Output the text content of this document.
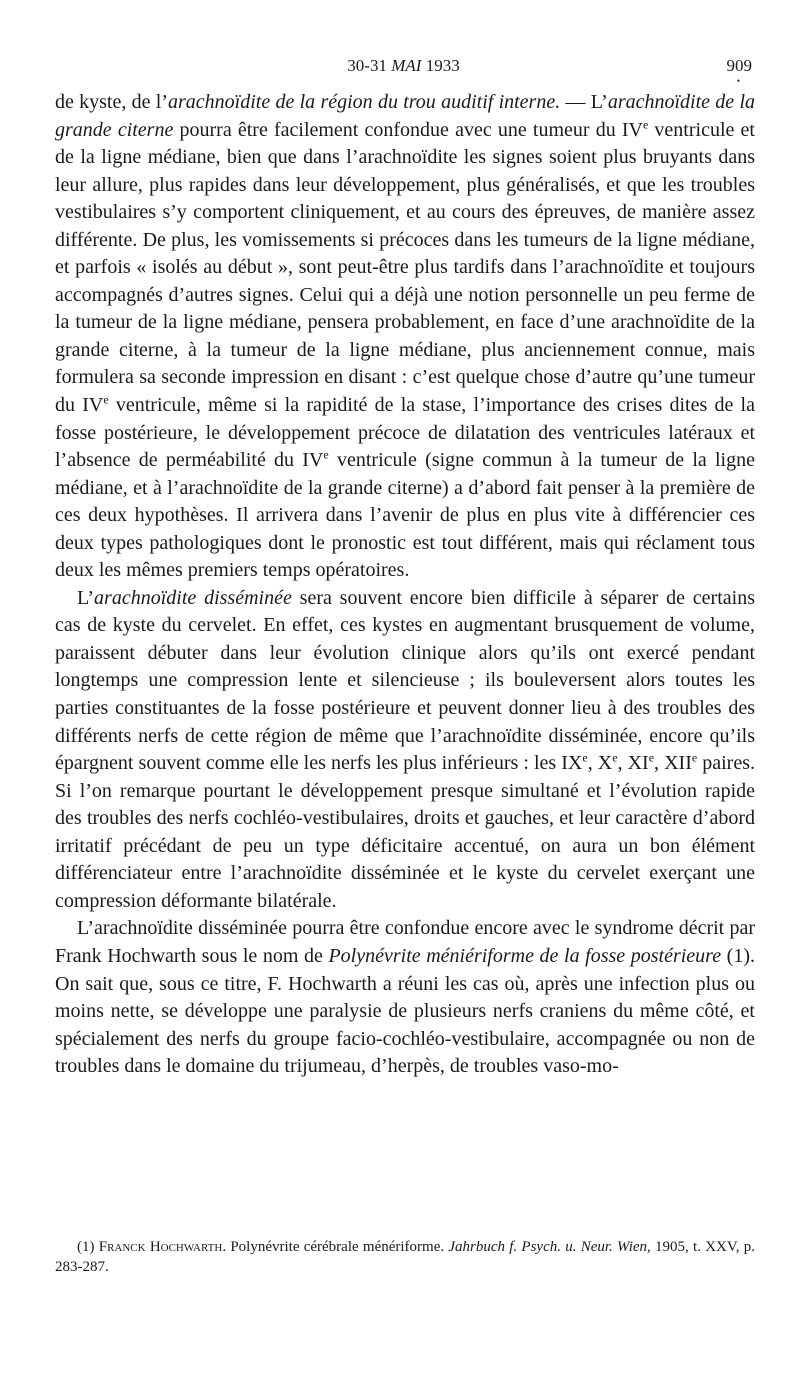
30-31 MAI 1933	909
•

de kyste, de l’arachnoïdite de la région du trou auditif interne. — L’arachnoïdite de la grande citerne pourra être facilement confondue avec une tumeur du IVe ventricule et de la ligne médiane, bien que dans l’arachnoïdite les signes soient plus bruyants dans leur allure, plus rapides dans leur développement, plus généralisés, et que les troubles vestibulaires s’y comportent cliniquement, et au cours des épreuves, de manière assez différente. De plus, les vomissements si précoces dans les tumeurs de la ligne médiane, et parfois « isolés au début », sont peut-être plus tardifs dans l’arachnoïdite et toujours accompagnés d’autres signes. Celui qui a déjà une notion personnelle un peu ferme de la tumeur de la ligne médiane, pensera probablement, en face d’une arachnoïdite de la grande citerne, à la tumeur de la ligne médiane, plus anciennement connue, mais formulera sa seconde impression en disant : c’est quelque chose d’autre qu’une tumeur du IVe ventricule, même si la rapidité de la stase, l’importance des crises dites de la fosse postérieure, le développement précoce de dilatation des ventricules latéraux et l’absence de perméabilité du IVe ventricule (signe commun à la tumeur de la ligne médiane, et à l’arachnoïdite de la grande citerne) a d’abord fait penser à la première de ces deux hypothèses. Il arrivera dans l’avenir de plus en plus vite à différencier ces deux types pathologiques dont le pronostic est tout différent, mais qui réclament tous deux les mêmes premiers temps opératoires.

L’arachnoïdite disséminée sera souvent encore bien difficile à séparer de certains cas de kyste du cervelet. En effet, ces kystes en augmentant brusquement de volume, paraissent débuter dans leur évolution clinique alors qu’ils ont exercé pendant longtemps une compression lente et silencieuse ; ils bouleversent alors toutes les parties constituantes de la fosse postérieure et peuvent donner lieu à des troubles des différents nerfs de cette région de même que l’arachnoïdite disséminée, encore qu’ils épargnent souvent comme elle les nerfs les plus inférieurs : les IXe, Xe, XIe, XIIe paires. Si l’on remarque pourtant le développement presque simultané et l’évolution rapide des troubles des nerfs cochléo-vestibulaires, droits et gauches, et leur caractère d’abord irritatif précédant de peu un type déficitaire accentué, on aura un bon élément différenciateur entre l’arachnoïdite disséminée et le kyste du cervelet exerçant une compression déformante bilatérale.

L’arachnoïdite disséminée pourra être confondue encore avec le syndrome décrit par Frank Hochwarth sous le nom de Polynévrite méniériforme de la fosse postérieure (1). On sait que, sous ce titre, F. Hochwarth a réuni les cas où, après une infection plus ou moins nette, se développe une paralysie de plusieurs nerfs craniens du même côté, et spécialement des nerfs du groupe facio-cochléo-vestibulaire, accompagnée ou non de troubles dans le domaine du trijumeau, d’herpès, de troubles vaso-mo-

(1) Franck Hochwarth. Polynévrite cérébrale ménériforme. Jahrbuch f. Psych. u. Neur. Wien, 1905, t. XXV, p. 283-287.
